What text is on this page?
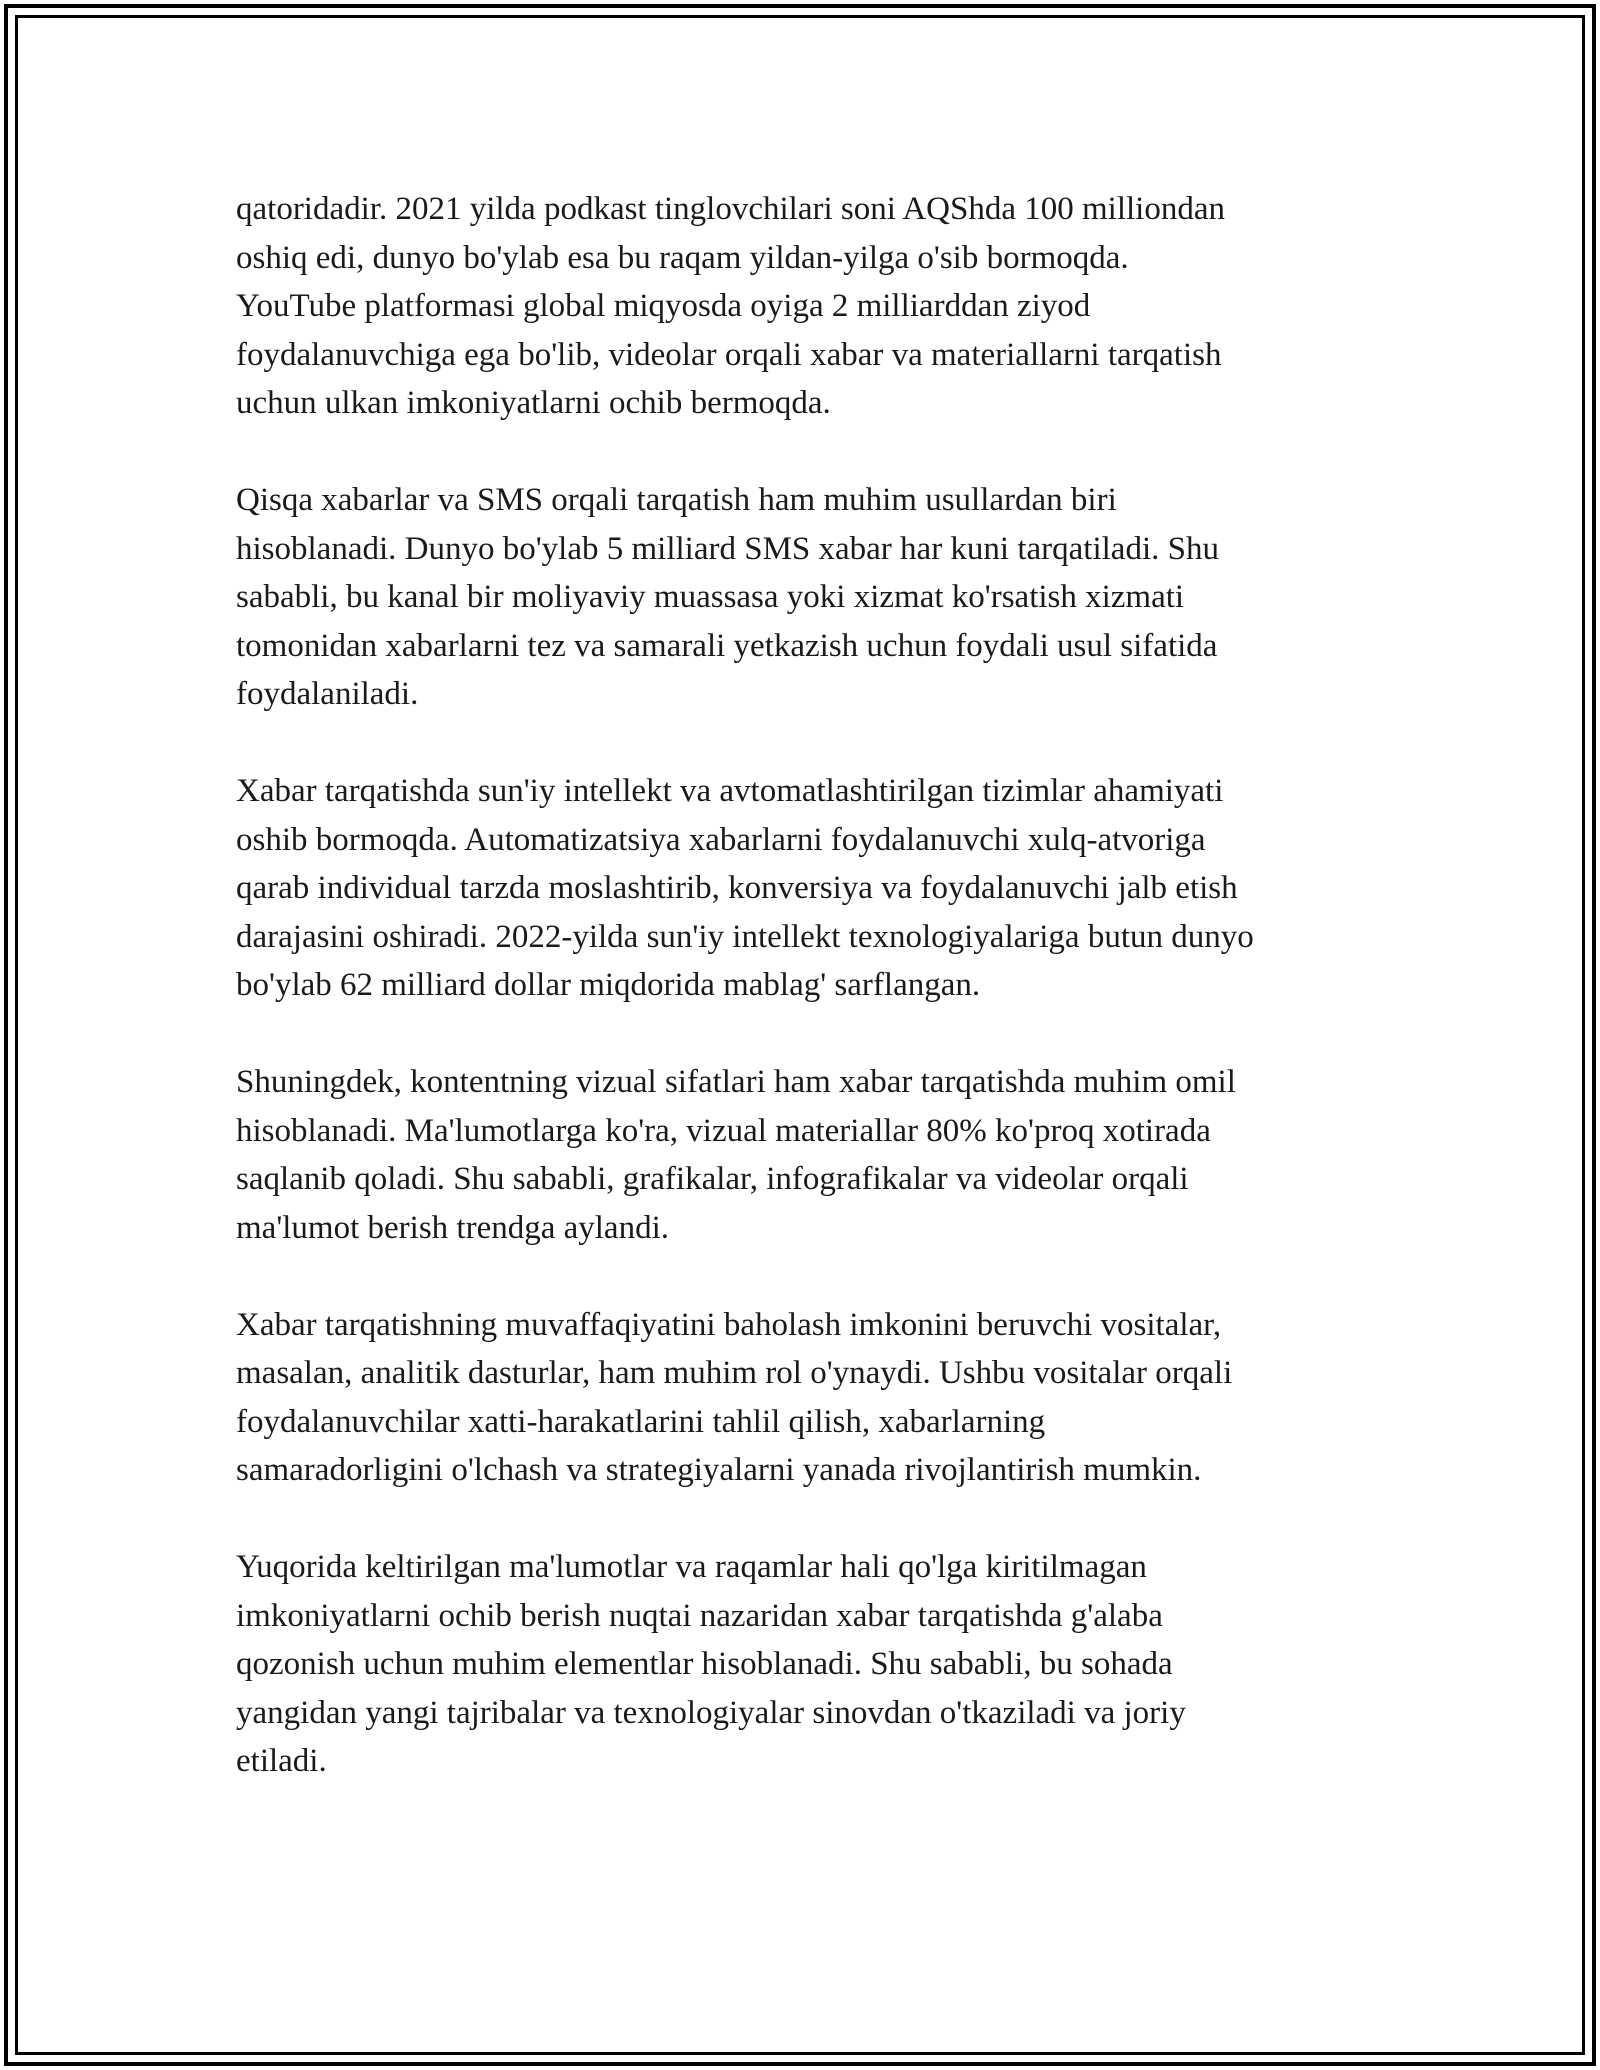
qatoridadir. 2021 yilda podkast tinglovchilari soni AQShda 100 milliondan
oshiq edi, dunyo bo'ylab esa bu raqam yildan-yilga o'sib bormoqda.
YouTube platformasi global miqyosda oyiga 2 milliarddan ziyod
foydalanuvchiga ega bo'lib, videolar orqali xabar va materiallarni tarqatish
uchun ulkan imkoniyatlarni ochib bermoqda.

Qisqa xabarlar va SMS orqali tarqatish ham muhim usullardan biri
hisoblanadi. Dunyo bo'ylab 5 milliard SMS xabar har kuni tarqatiladi. Shu
sababli, bu kanal bir moliyaviy muassasa yoki xizmat ko'rsatish xizmati
tomonidan xabarlarni tez va samarali yetkazish uchun foydali usul sifatida
foydalaniladi.

Xabar tarqatishda sun'iy intellekt va avtomatlashtirilgan tizimlar ahamiyati
oshib bormoqda. Automatizatsiya xabarlarni foydalanuvchi xulq-atvoriga
qarab individual tarzda moslashtirib, konversiya va foydalanuvchi jalb etish
darajasini oshiradi. 2022-yilda sun'iy intellekt texnologiyalariga butun dunyo
bo'ylab 62 milliard dollar miqdorida mablag' sarflangan.

Shuningdek, kontentning vizual sifatlari ham xabar tarqatishda muhim omil
hisoblanadi. Ma'lumotlarga ko'ra, vizual materiallar 80% ko'proq xotirada
saqlanib qoladi. Shu sababli, grafikalar, infografikalar va videolar orqali
ma'lumot berish trendga aylandi.

Xabar tarqatishning muvaffaqiyatini baholash imkonini beruvchi vositalar,
masalan, analitik dasturlar, ham muhim rol o'ynaydi. Ushbu vositalar orqali
foydalanuvchilar xatti-harakatlarini tahlil qilish, xabarlarning
samaradorligini o'lchash va strategiyalarni yanada rivojlantirish mumkin.

Yuqorida keltirilgan ma'lumotlar va raqamlar hali qo'lga kiritilmagan
imkoniyatlarni ochib berish nuqtai nazaridan xabar tarqatishda g'alaba
qozonish uchun muhim elementlar hisoblanadi. Shu sababli, bu sohada
yangidan yangi tajribalar va texnologiyalar sinovdan o'tkaziladi va joriy
etiladi.
